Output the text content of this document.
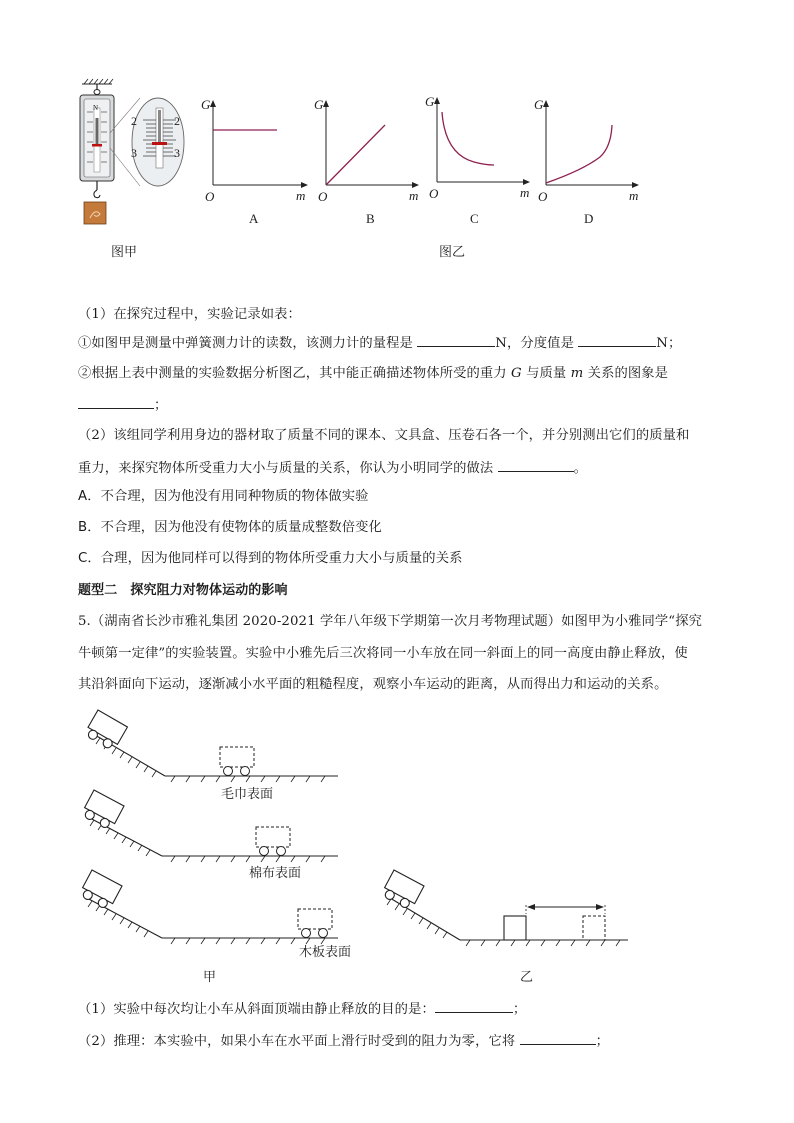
N
2
3
2
3
图甲
G
m
O
A
G
m
O
B
G
m
O
C
G
m
O
D
图乙
（1）在探究过程中，实验记录如表：
①如图甲是测量中弹簧测力计的读数，该测力计的量程是	N，分度值是	N；
②根据上表中测量的实验数据分析图乙，其中能正确描述物体所受的重力 G 与质量 m 关系的图象是
；
（2）该组同学利用身边的器材取了质量不同的课本、文具盒、压卷石各一个，并分别测出它们的质量和
重力，来探究物体所受重力大小与质量的关系，你认为小明同学的做法	。
A．不合理，因为他没有用同种物质的物体做实验
B．不合理，因为他没有使物体的质量成整数倍变化
C．合理，因为他同样可以得到的物体所受重力大小与质量的关系
题型二　探究阻力对物体运动的影响
5.（湖南省长沙市雅礼集团 2020-2021 学年八年级下学期第一次月考物理试题）如图甲为小雅同学“探究
牛顿第一定律”的实验装置。实验中小雅先后三次将同一小车放在同一斜面上的同一高度由静止释放，使
其沿斜面向下运动，逐渐减小水平面的粗糙程度，观察小车运动的距离，从而得出力和运动的关系。
毛巾表面
棉布表面
木板表面
甲	乙
（1）实验中每次均让小车从斜面顶端由静止释放的目的是：	；
（2）推理：本实验中，如果小车在水平面上滑行时受到的阻力为零，它将	；
